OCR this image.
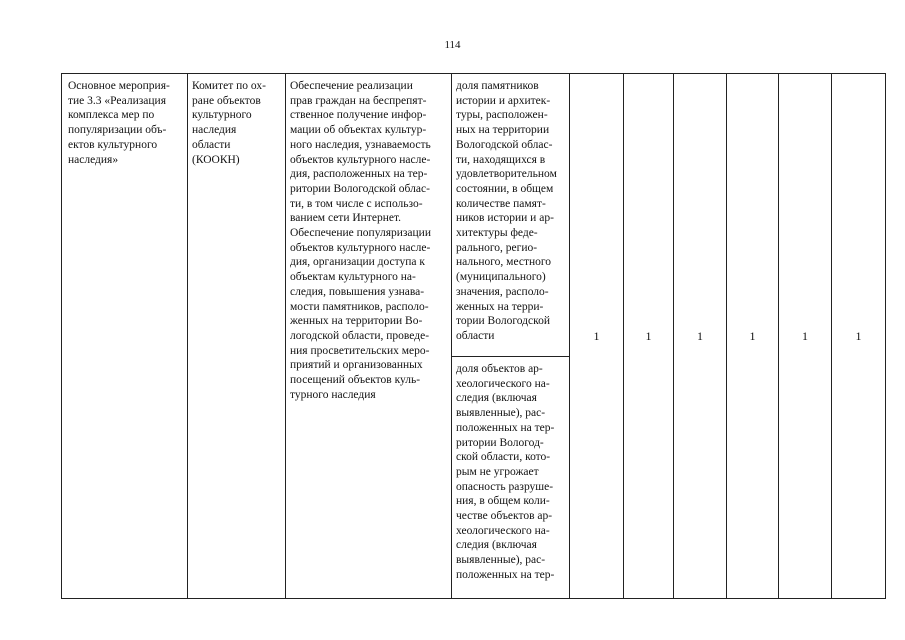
114
Основное мероприя-
тие 3.3 «Реализация
комплекса мер по
популяризации объ-
ектов культурного
наследия»	Комитет по ох-
ране объектов
культурного
наследия
области
(КООКН)	Обеспечение реализации
прав граждан на беспрепят-
ственное получение инфор-
мации об объектах культур-
ного наследия, узнаваемость
объектов культурного насле-
дия, расположенных на тер-
ритории Вологодской облас-
ти, в том числе с использо-
ванием сети Интернет.
Обеспечение популяризации
объектов культурного насле-
дия, организации доступа к
объектам культурного на-
следия, повышения узнава-
мости памятников, располо-
женных на территории Во-
логодской области, проведе-
ния просветительских меро-
приятий и организованных
посещений объектов куль-
турного наследия	доля памятников
истории и архитек-
туры, расположен-
ных на территории
Вологодской облас-
ти, находящихся в
удовлетворительном
состоянии, в общем
количестве памят-
ников истории и ар-
хитектуры феде-
рального, регио-
нального, местного
(муниципального)
значения, располо-
женных на терри-
тории Вологодской
области	1	1	1	1	1	1
доля объектов ар-
хеологического на-
следия (включая
выявленные), рас-
положенных на тер-
ритории Вологод-
ской области, кото-
рым не угрожает
опасность разруше-
ния, в общем коли-
честве объектов ар-
хеологического на-
следия (включая
выявленные), рас-
положенных на тер-
